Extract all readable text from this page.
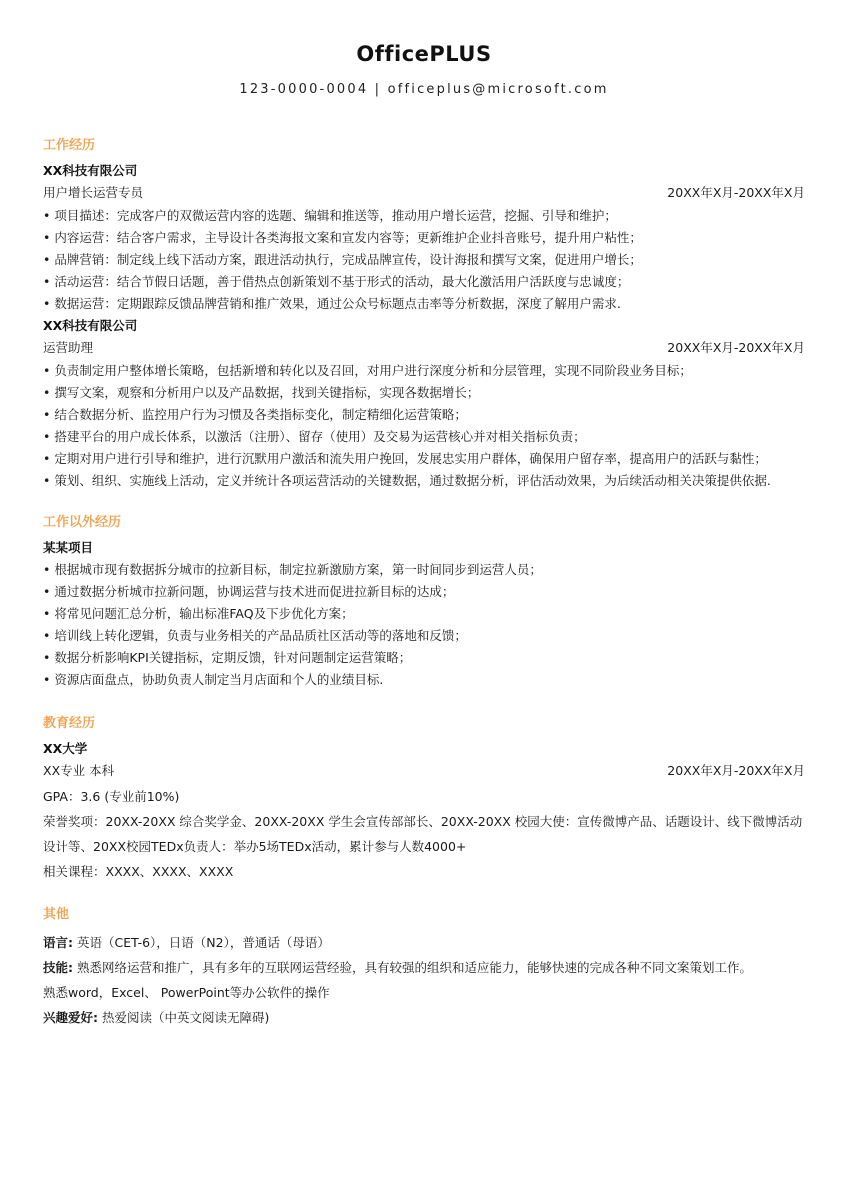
OfficePLUS
123-0000-0004 | officeplus@microsoft.com
工作经历
XX科技有限公司
用户增长运营专员	20XX年X月-20XX年X月
• 项目描述：完成客户的双微运营内容的选题、编辑和推送等，推动用户增长运营，挖掘、引导和维护；
• 内容运营：结合客户需求，主导设计各类海报文案和宣发内容等；更新维护企业抖音账号，提升用户粘性；
• 品牌营销：制定线上线下活动方案，跟进活动执行，完成品牌宣传，设计海报和撰写文案，促进用户增长；
• 活动运营：结合节假日话题，善于借热点创新策划不基于形式的活动，最大化激活用户活跃度与忠诚度；
• 数据运营：定期跟踪反馈品牌营销和推广效果，通过公众号标题点击率等分析数据，深度了解用户需求.
XX科技有限公司
运营助理	20XX年X月-20XX年X月
• 负责制定用户整体增长策略，包括新增和转化以及召回，对用户进行深度分析和分层管理，实现不同阶段业务目标；
• 撰写文案，观察和分析用户以及产品数据，找到关键指标，实现各数据增长；
• 结合数据分析、监控用户行为习惯及各类指标变化，制定精细化运营策略；
• 搭建平台的用户成长体系，以激活（注册）、留存（使用）及交易为运营核心并对相关指标负责；
• 定期对用户进行引导和维护，进行沉默用户激活和流失用户挽回，发展忠实用户群体，确保用户留存率，提高用户的活跃与黏性；
• 策划、组织、实施线上活动，定义并统计各项运营活动的关键数据，通过数据分析，评估活动效果，为后续活动相关决策提供依据.
工作以外经历
某某项目
• 根据城市现有数据拆分城市的拉新目标，制定拉新激励方案，第一时间同步到运营人员；
• 通过数据分析城市拉新问题，协调运营与技术进而促进拉新目标的达成；
• 将常见问题汇总分析，输出标准FAQ及下步优化方案；
• 培训线上转化逻辑，负责与业务相关的产品品质社区活动等的落地和反馈；
• 数据分析影响KPI关键指标，定期反馈，针对问题制定运营策略；
• 资源店面盘点，协助负责人制定当月店面和个人的业绩目标.
教育经历
XX大学
XX专业 本科	20XX年X月-20XX年X月
GPA：3.6 (专业前10%)
荣誉奖项：20XX-20XX 综合奖学金、20XX-20XX 学生会宣传部部长、20XX-20XX 校园大使：宣传微博产品、话题设计、线下微博活动设计等、20XX校园TEDx负责人：举办5场TEDx活动，累计参与人数4000+
相关课程：XXXX、XXXX、XXXX
其他
语言: 英语（CET-6），日语（N2），普通话（母语）
技能: 熟悉网络运营和推广，具有多年的互联网运营经验，具有较强的组织和适应能力，能够快速的完成各种不同文案策划工作。
熟悉word，Excel、 PowerPoint等办公软件的操作
兴趣爱好: 热爱阅读（中英文阅读无障碍)
